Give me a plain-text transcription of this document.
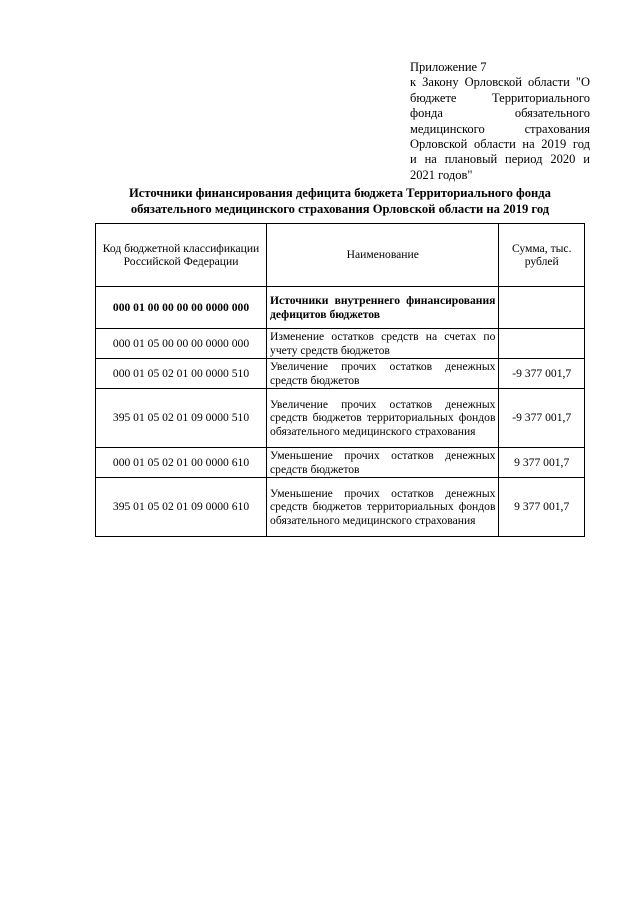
Приложение 7
к Закону Орловской области "О
бюджете Территориального
фонда обязательного
медицинского страхования
Орловской области на 2019 год
и на плановый период 2020 и
2021 годов"
Источники финансирования дефицита бюджета Территориального фонда
обязательного медицинского страхования Орловской области на 2019 год
Код бюджетной классификации Российской Федерации	Наименование	Сумма, тыс. рублей
000 01 00 00 00 00 0000 000	Источники внутреннего финансирования дефицитов бюджетов	
000 01 05 00 00 00 0000 000	Изменение остатков средств на счетах по учету средств бюджетов	
000 01 05 02 01 00 0000 510	Увеличение прочих остатков денежных средств бюджетов	-9 377 001,7
395 01 05 02 01 09 0000 510	Увеличение прочих остатков денежных средств бюджетов территориальных фондов обязательного медицинского страхования	-9 377 001,7
000 01 05 02 01 00 0000 610	Уменьшение прочих остатков денежных средств бюджетов	9 377 001,7
395 01 05 02 01 09 0000 610	Уменьшение прочих остатков денежных средств бюджетов территориальных фондов обязательного медицинского страхования	9 377 001,7
